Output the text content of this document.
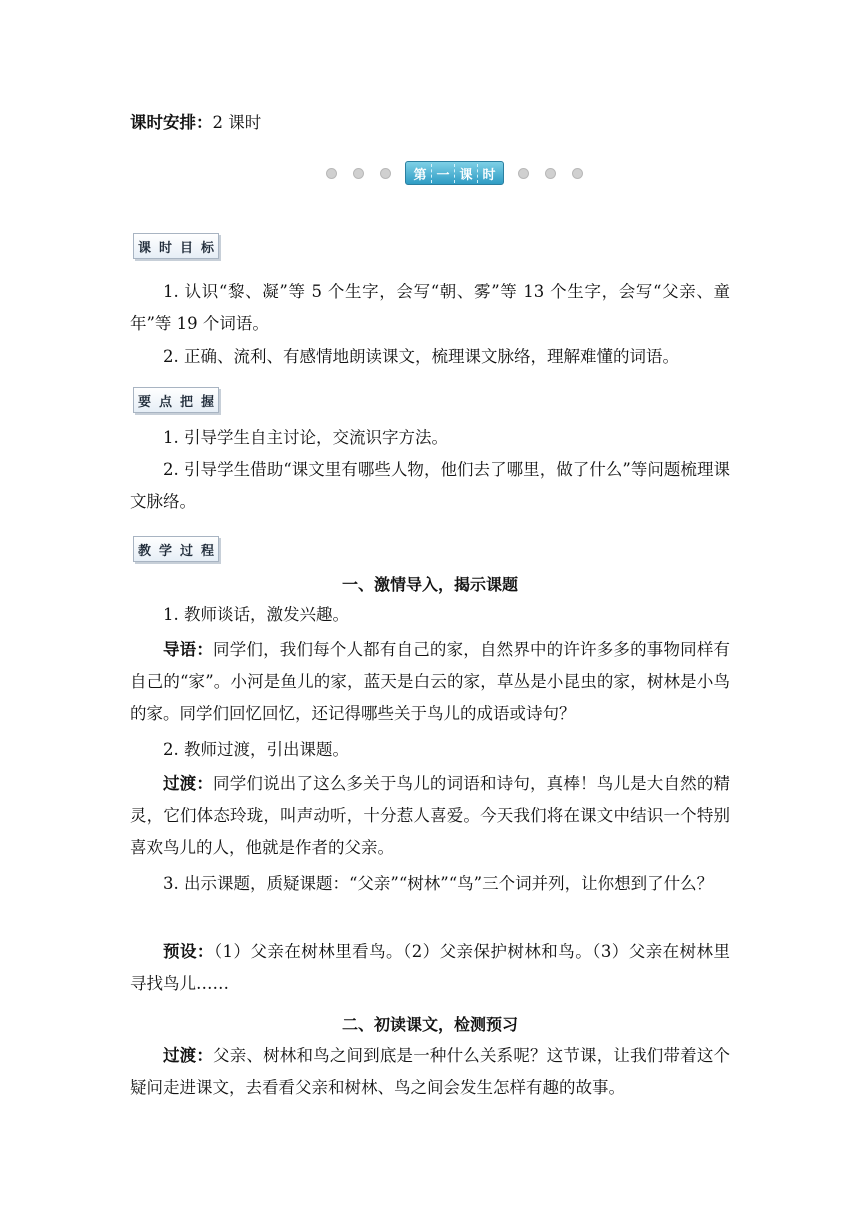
课时安排：2 课时
第 一 课 时
课 时 目 标

1. 认识“黎、凝”等 5 个生字，会写“朝、雾”等 13 个生字，会写“父亲、童年”等 19 个词语。

2. 正确、流利、有感情地朗读课文，梳理课文脉络，理解难懂的词语。

要 点 把 握

1. 引导学生自主讨论，交流识字方法。

2. 引导学生借助“课文里有哪些人物，他们去了哪里，做了什么”等问题梳理课文脉络。

教 学 过 程
一、激情导入，揭示课题

1. 教师谈话，激发兴趣。

导语：同学们，我们每个人都有自己的家，自然界中的许许多多的事物同样有自己的“家”。小河是鱼儿的家，蓝天是白云的家，草丛是小昆虫的家，树林是小鸟的家。同学们回忆回忆，还记得哪些关于鸟儿的成语或诗句？

2. 教师过渡，引出课题。

过渡：同学们说出了这么多关于鸟儿的词语和诗句，真棒！鸟儿是大自然的精灵，它们体态玲珑，叫声动听，十分惹人喜爱。今天我们将在课文中结识一个特别喜欢鸟儿的人，他就是作者的父亲。

3. 出示课题，质疑课题：“父亲”“树林”“鸟”三个词并列，让你想到了什么？

预设：（1）父亲在树林里看鸟。（2）父亲保护树林和鸟。（3）父亲在树林里寻找鸟儿……

二、初读课文，检测预习

过渡：父亲、树林和鸟之间到底是一种什么关系呢？这节课，让我们带着这个疑问走进课文，去看看父亲和树林、鸟之间会发生怎样有趣的故事。
